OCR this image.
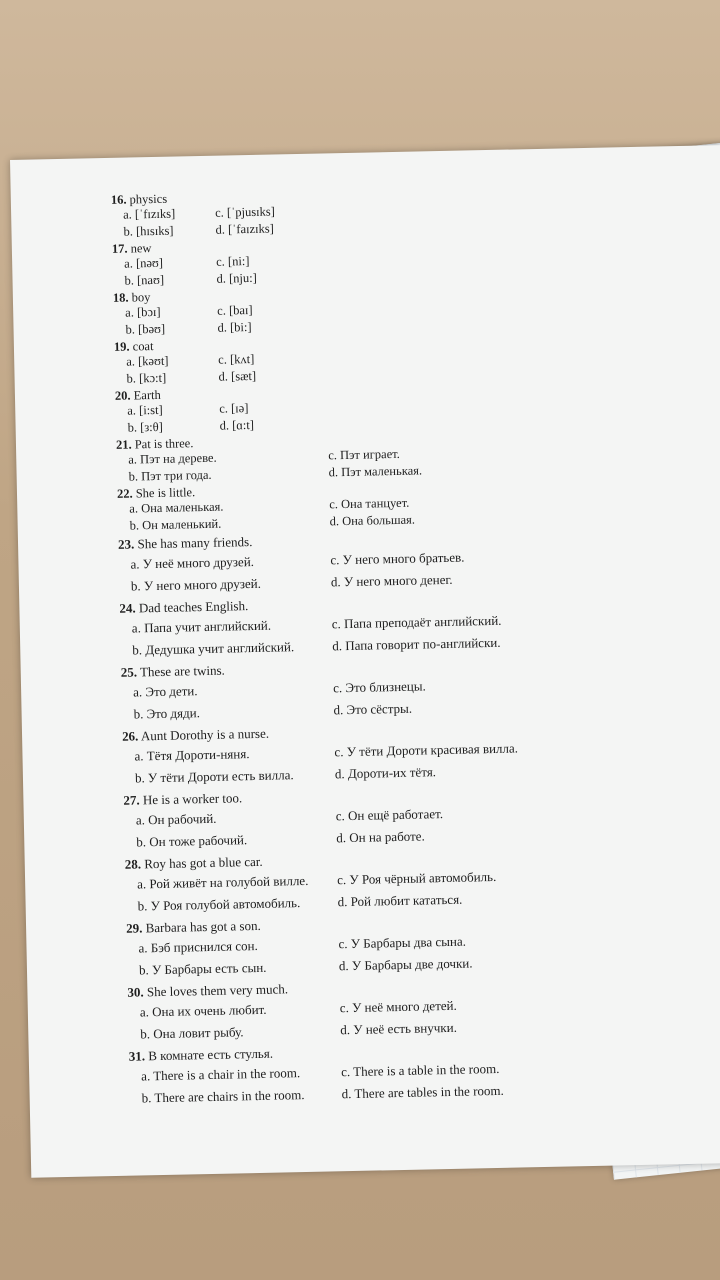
16. physics
a. [ˈfɪzɪks]	c. [ˈpjusɪks]
b. [hɪsɪks]	d. [ˈfaɪzɪks]
17. new
a. [nəʊ]	c. [ni:]
b. [naʊ]	d. [nju:]
18. boy
a. [bɔɪ]	c. [baɪ]
b. [bəʊ]	d. [bi:]
19. coat
a. [kəʊt]	c. [kʌt]
b. [kɔ:t]	d. [sæt]
20. Earth
a. [i:st]	c. [ɪə]
b. [з:θ]	d. [ɑ:t]
21. Pat is three.
a. Пэт на дереве.	c. Пэт играет.
b. Пэт три года.	d. Пэт маленькая.
22. She is little.
a. Она маленькая.	c. Она танцует.
b. Он маленький.	d. Она большая.
23. She has many friends.
a. У неё много друзей.	c. У него много братьев.
b. У него много друзей.	d. У него много денег.
24. Dad teaches English.
a. Папа учит английский.	c. Папа преподаёт английский.
b. Дедушка учит английский.	d. Папа говорит по-английски.
25. These are twins.
a. Это дети.	c. Это близнецы.
b. Это дяди.	d. Это сёстры.
26. Aunt Dorothy is a nurse.
a. Тётя Дороти-няня.	c. У тёти Дороти красивая вилла.
b. У тёти Дороти есть вилла.	d. Дороти-их тётя.
27. He is a worker too.
a. Он рабочий.	c. Он ещё работает.
b. Он тоже рабочий.	d. Он на работе.
28. Roy has got a blue car.
a. Рой живёт на голубой вилле. c. У Роя чёрный автомобиль.
b. У Роя голубой автомобиль.	d. Рой любит кататься.
29. Barbara has got a son.
a. Бэб приснился сон.	c. У Барбары два сына.
b. У Барбары есть сын.	d. У Барбары две дочки.
30. She loves them very much.
a. Она их очень любит.	c. У неё много детей.
b. Она ловит рыбу.	d. У неё есть внучки.
31. В комнате есть стулья.
a. There is a chair in the room.	c. There is a table in the room.
b. There are chairs in the room.	d. There are tables in the room.
